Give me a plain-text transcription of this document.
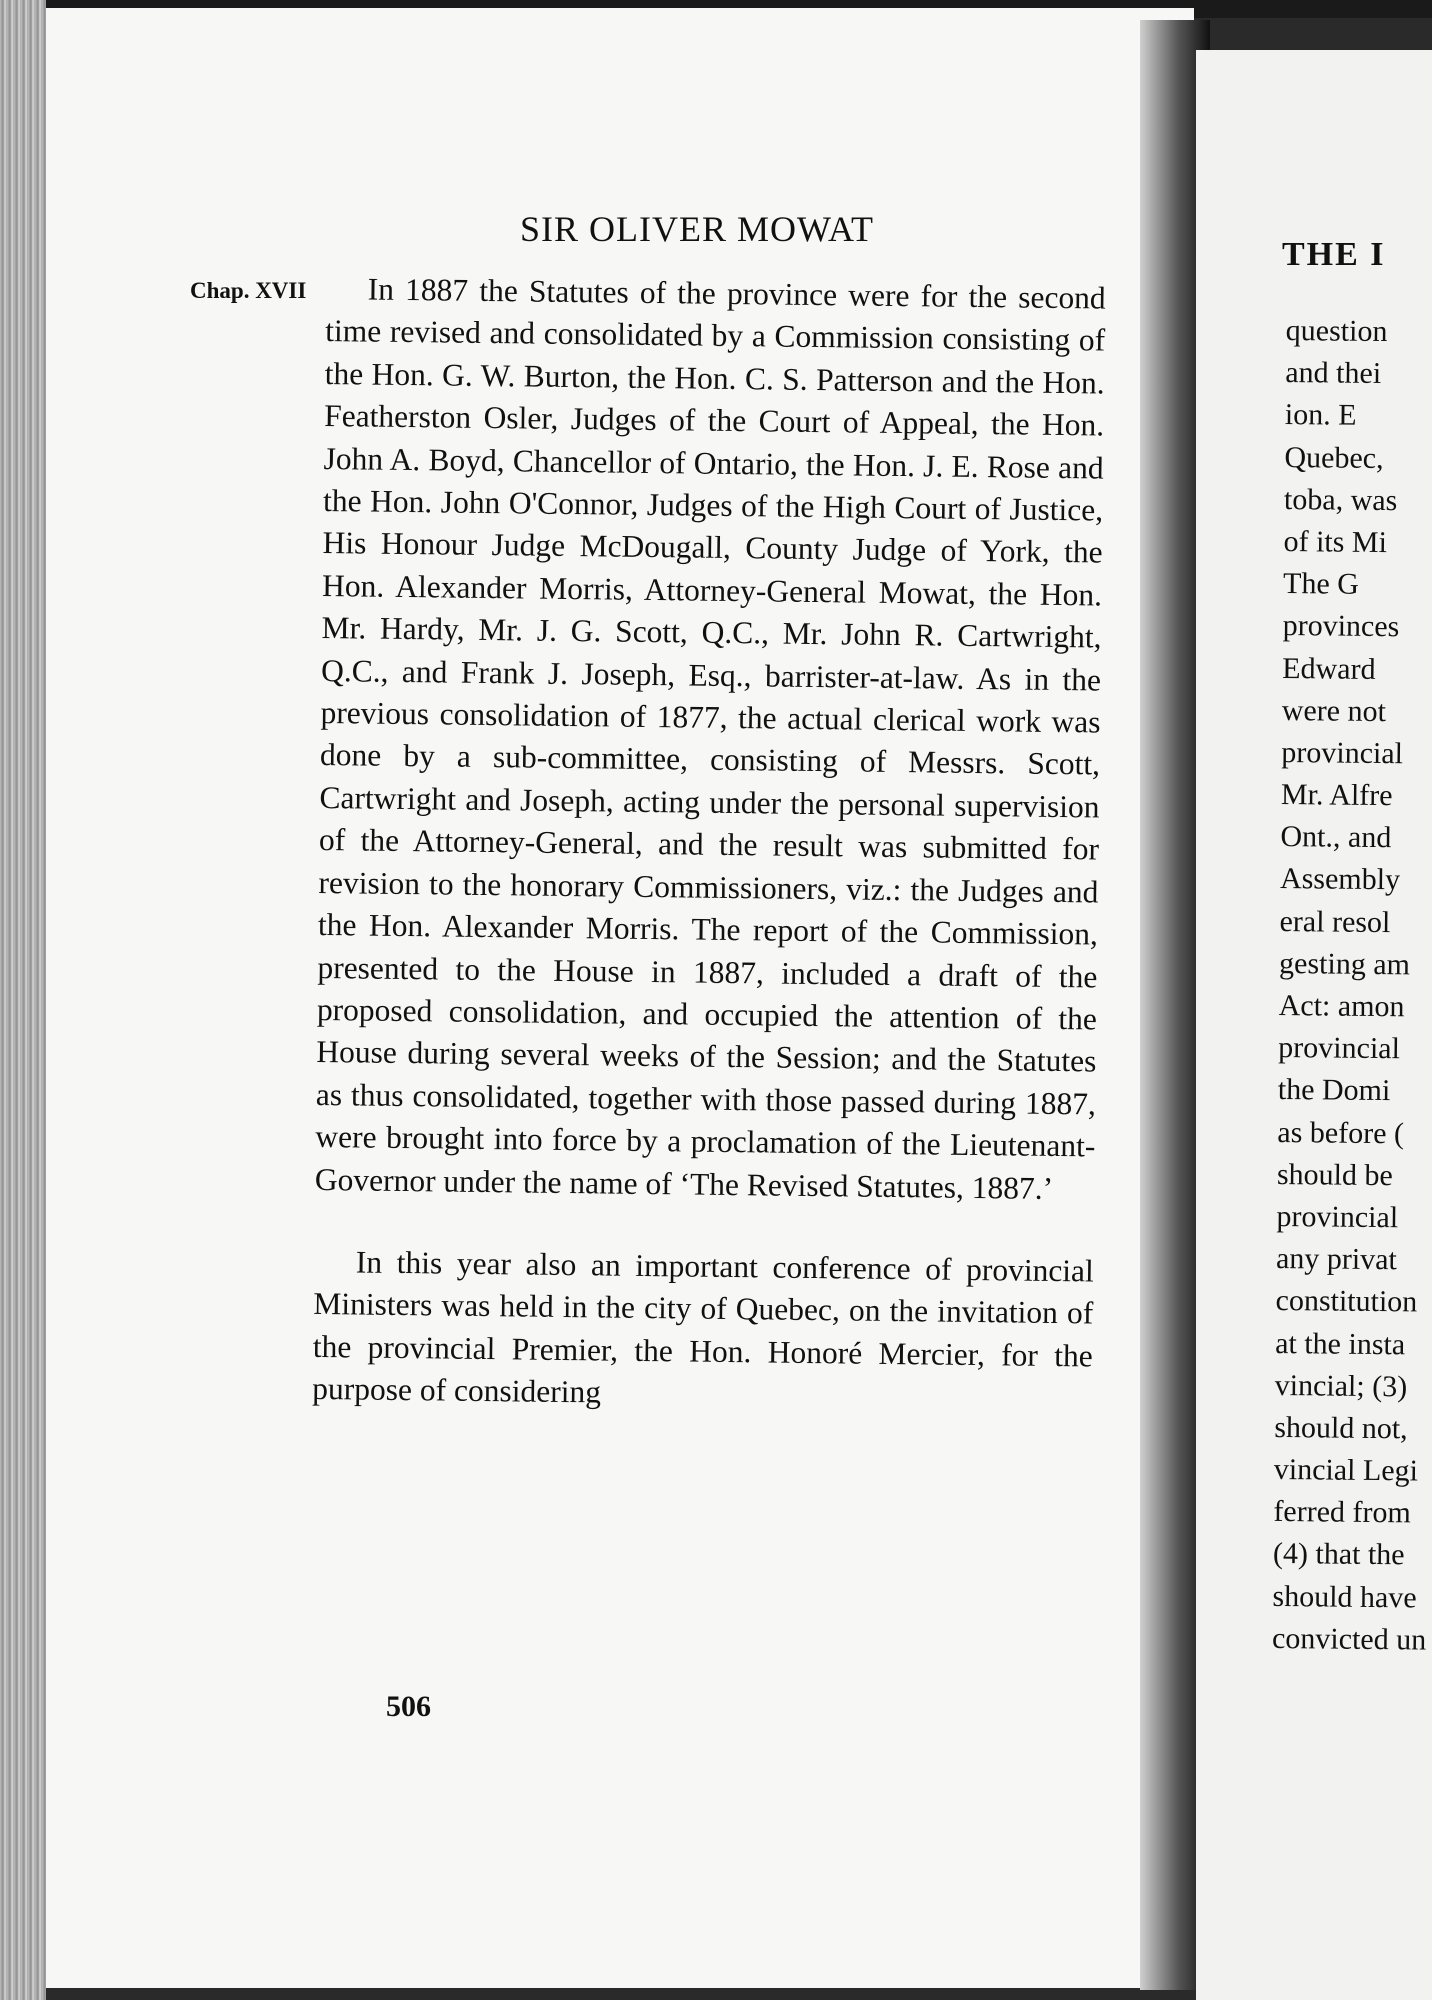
SIR OLIVER MOWAT
Chap. XVII	In 1887 the Statutes of the province were for the second time revised and consolidated by a Commission consisting of the Hon. G. W. Burton, the Hon. C. S. Patterson and the Hon. Featherston Osler, Judges of the Court of Appeal, the Hon. John A. Boyd, Chancellor of Ontario, the Hon. J. E. Rose and the Hon. John O'Connor, Judges of the High Court of Justice, His Honour Judge McDougall, County Judge of York, the Hon. Alexander Morris, Attorney-General Mowat, the Hon. Mr. Hardy, Mr. J. G. Scott, Q.C., Mr. John R. Cartwright, Q.C., and Frank J. Joseph, Esq., barrister-at-law. As in the previous consolidation of 1877, the actual clerical work was done by a sub-committee, consisting of Messrs. Scott, Cartwright and Joseph, acting under the personal supervision of the Attorney-General, and the result was submitted for revision to the honorary Commissioners, viz.: the Judges and the Hon. Alexander Morris. The report of the Commission, presented to the House in 1887, included a draft of the proposed consolidation, and occupied the attention of the House during several weeks of the Session; and the Statutes as thus consolidated, together with those passed during 1887, were brought into force by a proclamation of the Lieutenant-Governor under the name of ‘The Revised Statutes, 1887.’

In this year also an important conference of provincial Ministers was held in the city of Quebec, on the invitation of the provincial Premier, the Hon. Honoré Mercier, for the purpose of considering

506
THE I
question
and thei
ion. E
Quebec,
toba, was
of its Mi
The G
provinces
Edward
were not
provincial
Mr. Alfre
Ont., and
Assembly
eral resol
gesting am
Act: amon
provincial
the Domi
as before (
should be
provincial
any privat
constitution
at the insta
vincial; (3)
should not,
vincial Legi
ferred from
(4) that the
should have
convicted un
